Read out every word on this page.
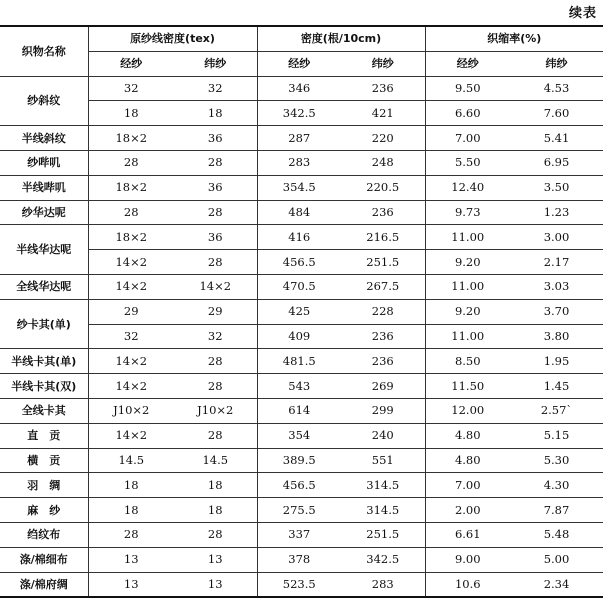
续表
织物名称	原纱线密度(tex)		密度(根/10cm)		织缩率(%)	
	经纱	纬纱	经纱	纬纱	经纱	纬纱
纱斜纹	32	32	346	236	9.50	4.53
	18	18	342.5	421	6.60	7.60
半线斜纹	18×2	36	287	220	7.00	5.41
纱哔叽	28	28	283	248	5.50	6.95
半线哔叽	18×2	36	354.5	220.5	12.40	3.50
纱华达呢	28	28	484	236	9.73	1.23
半线华达呢	18×2	36	416	216.5	11.00	3.00
	14×2	28	456.5	251.5	9.20	2.17
全线华达呢	14×2	14×2	470.5	267.5	11.00	3.03
纱卡其(单)	29	29	425	228	9.20	3.70
	32	32	409	236	11.00	3.80
半线卡其(单)	14×2	28	481.5	236	8.50	1.95
半线卡其(双)	14×2	28	543	269	11.50	1.45
全线卡其	J10×2	J10×2	614	299	12.00	2.57`
直　贡	14×2	28	354	240	4.80	5.15
横　贡	14.5	14.5	389.5	551	4.80	5.30
羽　绸	18	18	456.5	314.5	7.00	4.30
麻　纱	18	18	275.5	314.5	2.00	7.87
绉纹布	28	28	337	251.5	6.61	5.48
涤/棉细布	13	13	378	342.5	9.00	5.00
涤/棉府绸	13	13	523.5	283	10.6	2.34
